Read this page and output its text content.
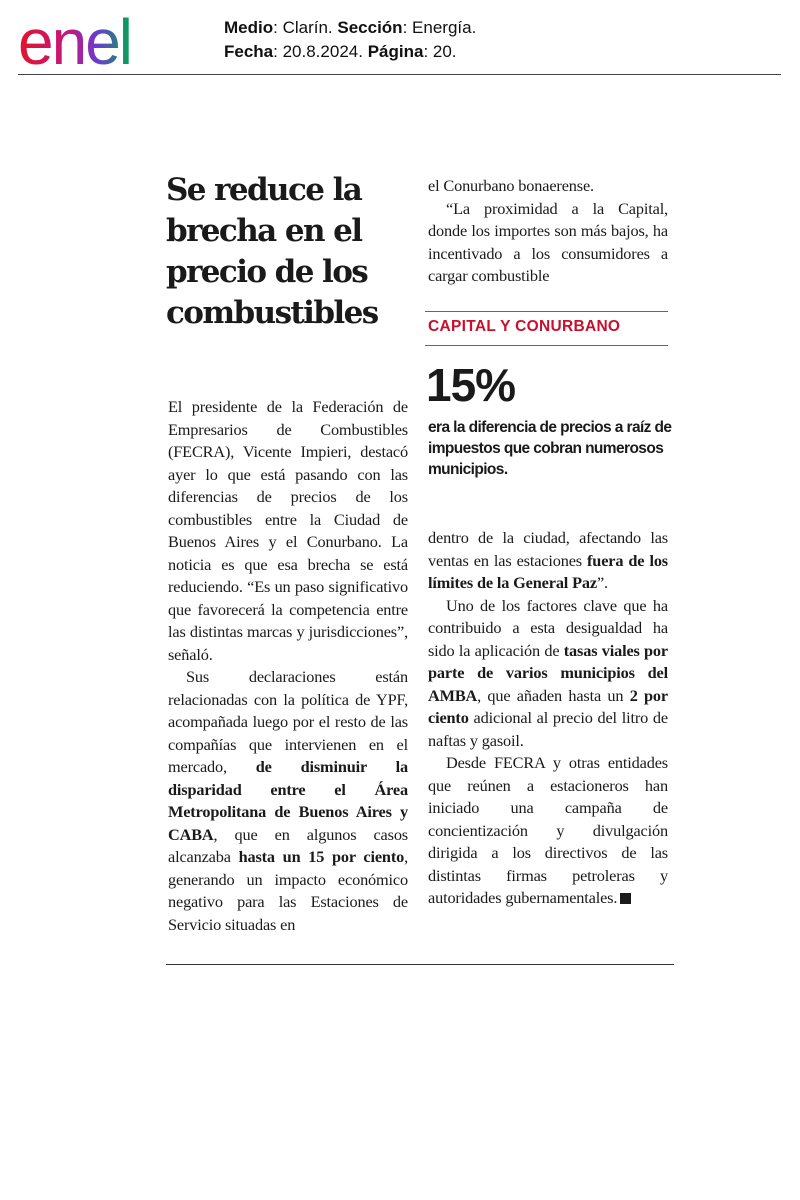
enel	Medio: Clarín. Sección: Energía.
Fecha: 20.8.2024. Página: 20.
Se reduce la brecha en el precio de los combustibles

El presidente de la Federación de Empresarios de Combustibles (FECRA), Vicente Impieri, destacó ayer lo que está pasando con las diferencias de precios de los combustibles entre la Ciudad de Buenos Aires y el Conurbano. La noticia es que esa brecha se está reduciendo. “Es un paso significativo que favorecerá la competencia entre las distintas marcas y jurisdicciones”, señaló.

Sus declaraciones están relacionadas con la política de YPF, acompañada luego por el resto de las compañías que intervienen en el mercado, de disminuir la disparidad entre el Área Metropolitana de Buenos Aires y CABA, que en algunos casos alcanzaba hasta un 15 por ciento, generando un impacto económico negativo para las Estaciones de Servicio situadas en

el Conurbano bonaerense.

“La proximidad a la Capital, donde los importes son más bajos, ha incentivado a los consumidores a cargar combustible

CAPITAL Y CONURBANO
15%
era la diferencia de precios a raíz de impuestos que cobran numerosos municipios.

dentro de la ciudad, afectando las ventas en las estaciones fuera de los límites de la General Paz”.

Uno de los factores clave que ha contribuido a esta desigualdad ha sido la aplicación de tasas viales por parte de varios municipios del AMBA, que añaden hasta un 2 por ciento adicional al precio del litro de naftas y gasoil.

Desde FECRA y otras entidades que reúnen a estacioneros han iniciado una campaña de concientización y divulgación dirigida a los directivos de las distintas firmas petroleras y autoridades gubernamentales.
